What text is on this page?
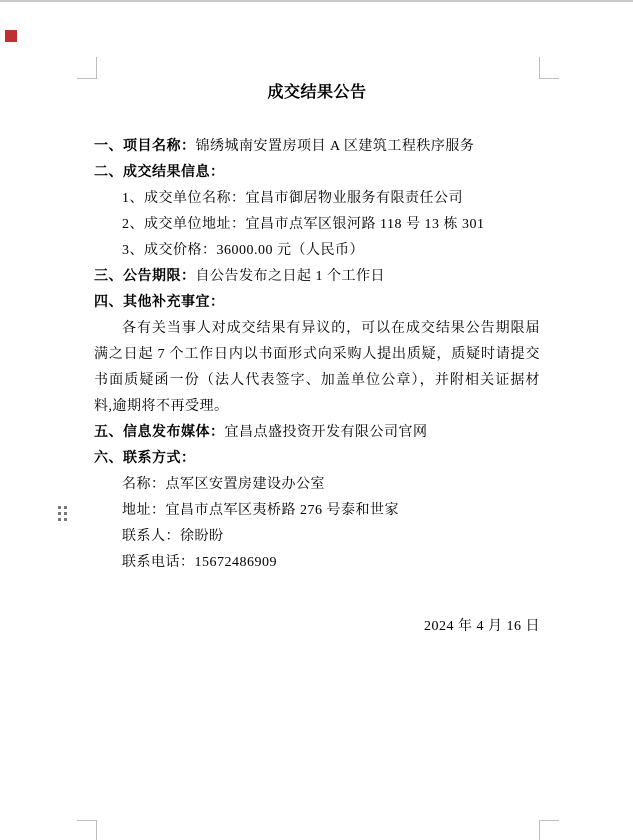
成交结果公告

一、项目名称：锦绣城南安置房项目 A 区建筑工程秩序服务

二、成交结果信息：

1、成交单位名称：宜昌市御居物业服务有限责任公司

2、成交单位地址：宜昌市点军区银河路 118 号 13 栋 301

3、成交价格：36000.00 元（人民币）

三、公告期限：自公告发布之日起 1 个工作日

四、其他补充事宜：

各有关当事人对成交结果有异议的，可以在成交结果公告期限届满之日起 7 个工作日内以书面形式向采购人提出质疑，质疑时请提交书面质疑函一份（法人代表签字、加盖单位公章），并附相关证据材料,逾期将不再受理。

五、信息发布媒体：宜昌点盛投资开发有限公司官网

六、联系方式：

名称：点军区安置房建设办公室

地址：宜昌市点军区夷桥路 276 号泰和世家

联系人：徐盼盼

联系电话：15672486909

2024 年 4 月 16 日
